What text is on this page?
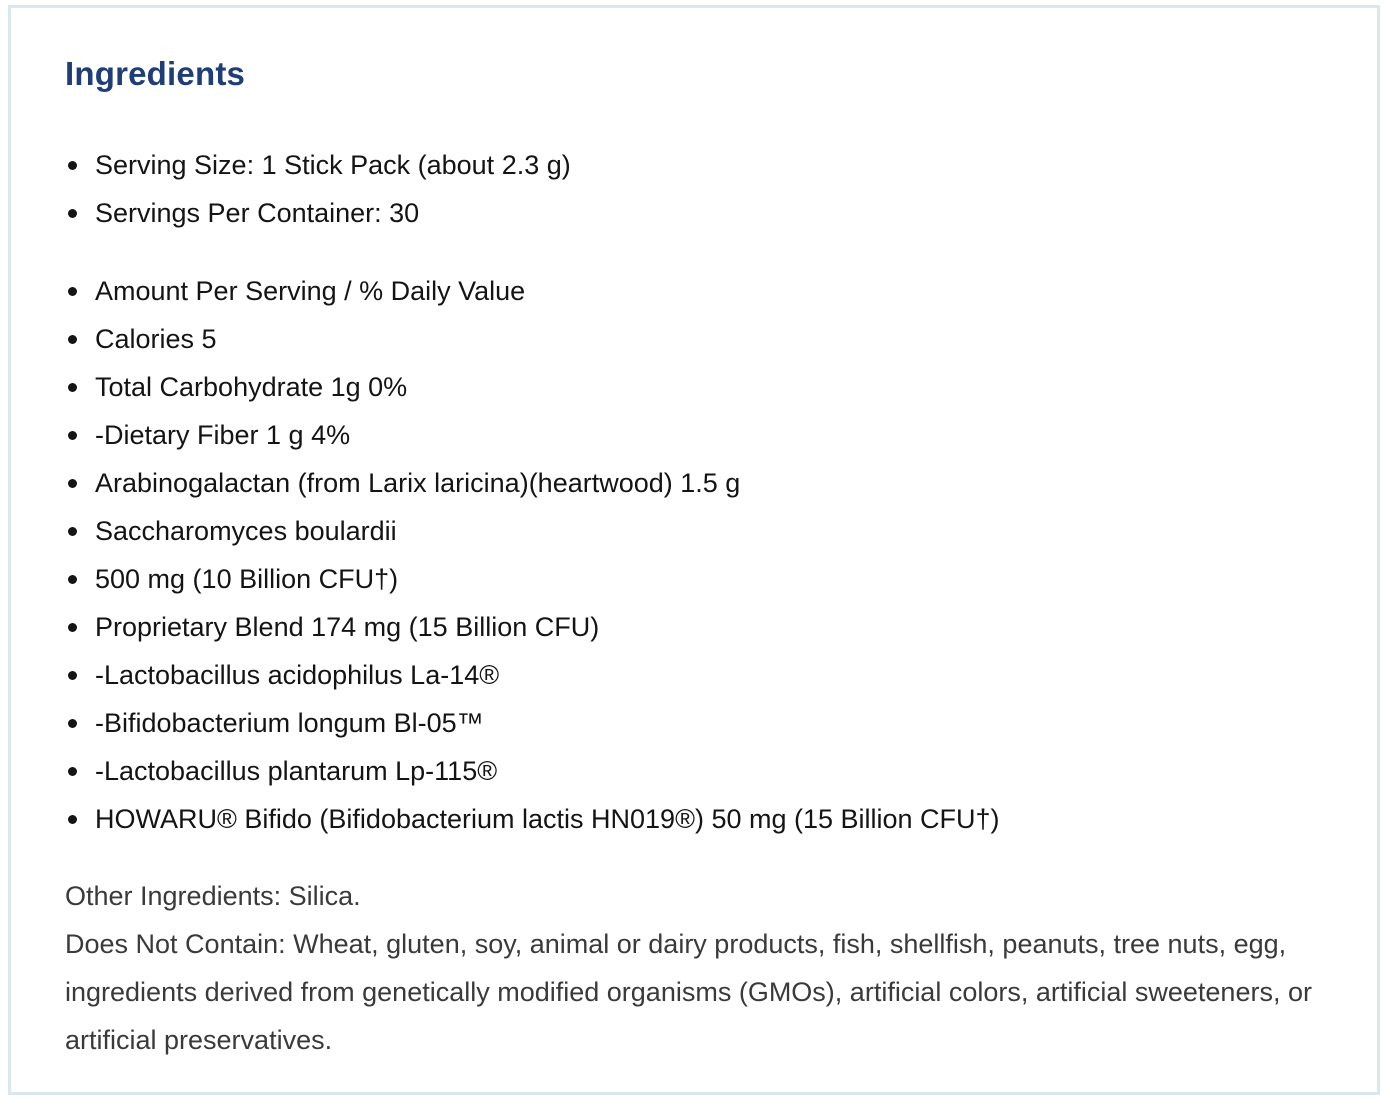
Ingredients
Serving Size: 1 Stick Pack (about 2.3 g)
Servings Per Container: 30
Amount Per Serving / % Daily Value
Calories 5
Total Carbohydrate 1g 0%
-Dietary Fiber 1 g 4%
Arabinogalactan (from Larix laricina)(heartwood) 1.5 g
Saccharomyces boulardii
500 mg (10 Billion CFU†)
Proprietary Blend 174 mg (15 Billion CFU)
-Lactobacillus acidophilus La-14®
-Bifidobacterium longum Bl-05™
-Lactobacillus plantarum Lp-115®
HOWARU® Bifido (Bifidobacterium lactis HN019®) 50 mg (15 Billion CFU†)

Other Ingredients: Silica.

Does Not Contain: Wheat, gluten, soy, animal or dairy products, fish, shellfish, peanuts, tree nuts, egg, ingredients derived from genetically modified organisms (GMOs), artificial colors, artificial sweeteners, or artificial preservatives.
